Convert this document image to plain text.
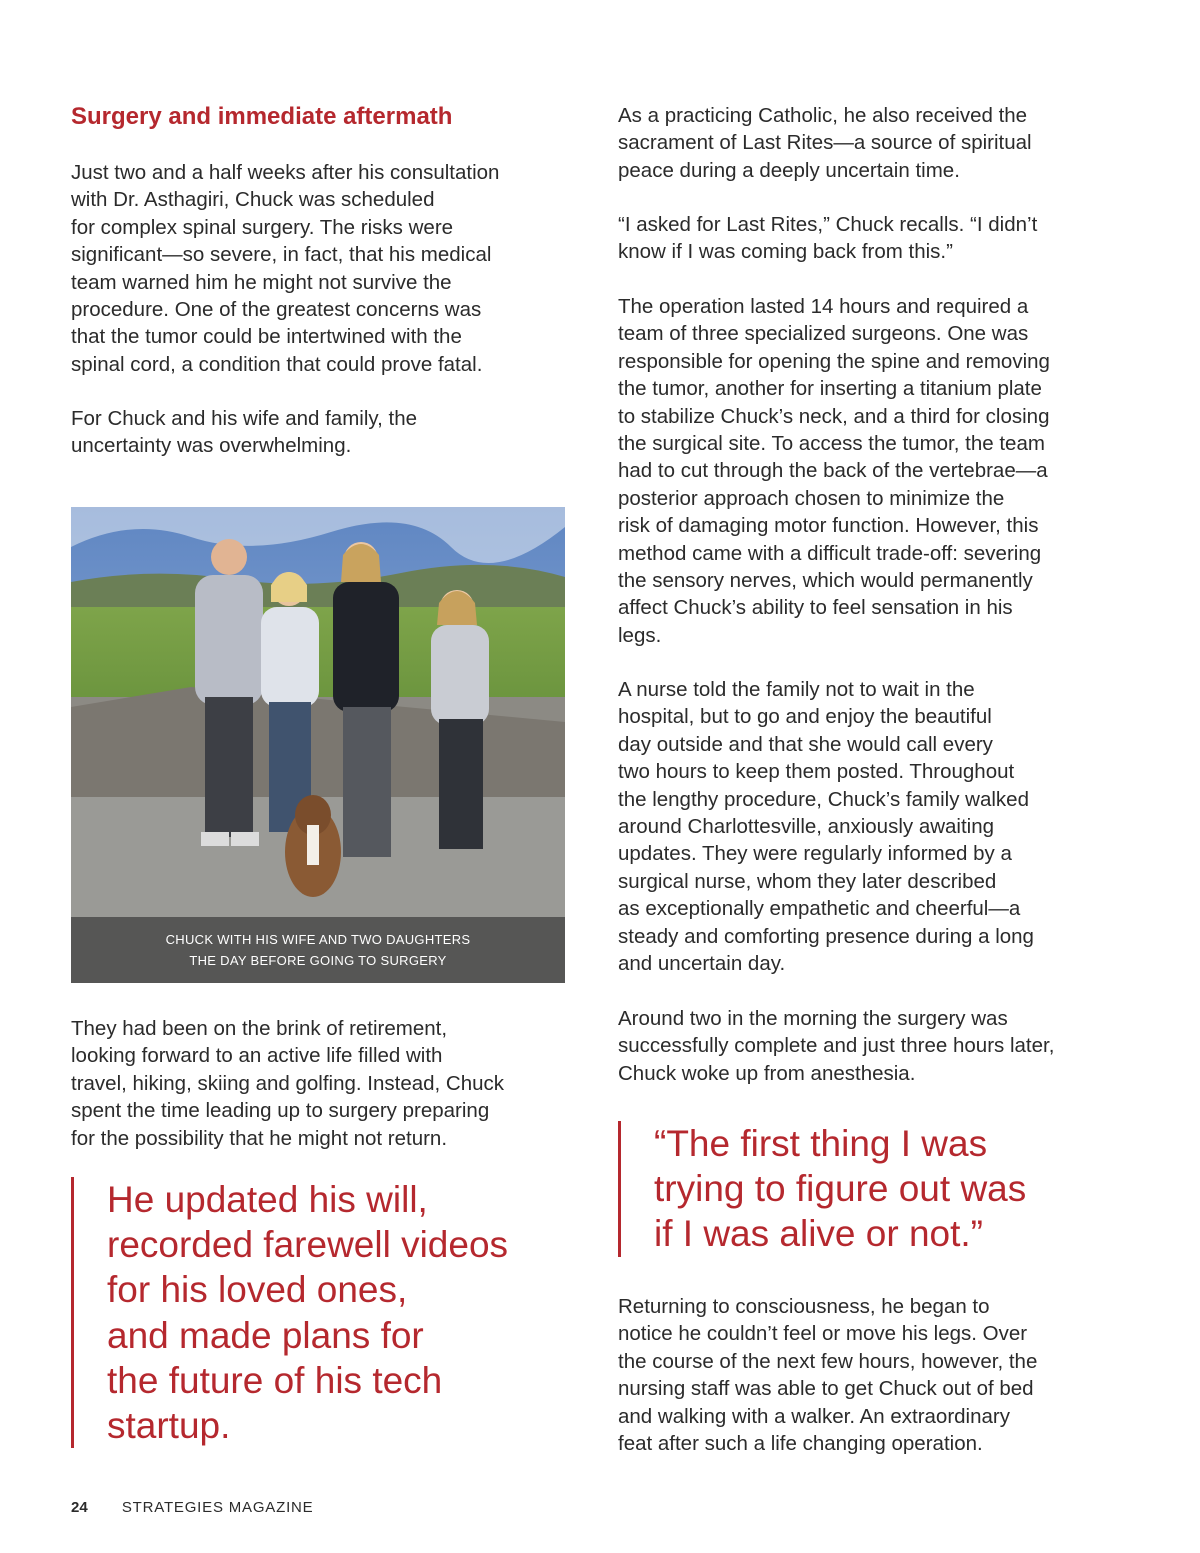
Surgery and immediate aftermath

Just two and a half weeks after his consultation
with Dr. Asthagiri, Chuck was scheduled
for complex spinal surgery. The risks were
significant—so severe, in fact, that his medical
team warned him he might not survive the
procedure. One of the greatest concerns was
that the tumor could be intertwined with the
spinal cord, a condition that could prove fatal.

For Chuck and his wife and family, the
uncertainty was overwhelming.

They had been on the brink of retirement,
looking forward to an active life filled with
travel, hiking, skiing and golfing. Instead, Chuck
spent the time leading up to surgery preparing
for the possibility that he might not return.

He updated his will,
recorded farewell videos
for his loved ones,
and made plans for
the future of his tech
startup.
CHUCK WITH HIS WIFE AND TWO DAUGHTERS
THE DAY BEFORE GOING TO SURGERY

As a practicing Catholic, he also received the
sacrament of Last Rites—a source of spiritual
peace during a deeply uncertain time.

“I asked for Last Rites,” Chuck recalls. “I didn’t
know if I was coming back from this.”

The operation lasted 14 hours and required a
team of three specialized surgeons. One was
responsible for opening the spine and removing
the tumor, another for inserting a titanium plate
to stabilize Chuck’s neck, and a third for closing
the surgical site. To access the tumor, the team
had to cut through the back of the vertebrae—a
posterior approach chosen to minimize the
risk of damaging motor function. However, this
method came with a difficult trade-off: severing
the sensory nerves, which would permanently
affect Chuck’s ability to feel sensation in his
legs.

A nurse told the family not to wait in the
hospital, but to go and enjoy the beautiful
day outside and that she would call every
two hours to keep them posted. Throughout
the lengthy procedure, Chuck’s family walked
around Charlottesville, anxiously awaiting
updates. They were regularly informed by a
surgical nurse, whom they later described
as exceptionally empathetic and cheerful—a
steady and comforting presence during a long
and uncertain day.

Around two in the morning the surgery was
successfully complete and just three hours later,
Chuck woke up from anesthesia.

“The first thing I was
trying to figure out was
if I was alive or not.”

Returning to consciousness, he began to
notice he couldn’t feel or move his legs. Over
the course of the next few hours, however, the
nursing staff was able to get Chuck out of bed
and walking with a walker. An extraordinary
feat after such a life changing operation.

24 STRATEGIES MAGAZINE
